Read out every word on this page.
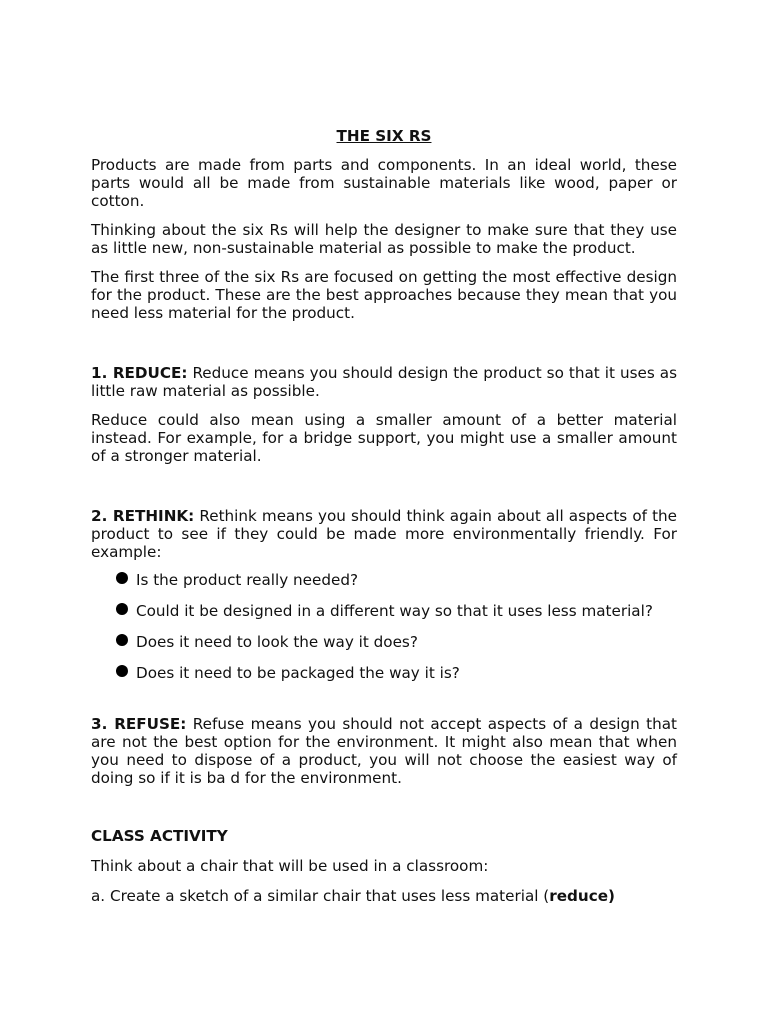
THE SIX RS

Products are made from parts and components. In an ideal world, these parts would all be made from sustainable materials like wood, paper or cotton.

Thinking about the six Rs will help the designer to make sure that they use as little new, non-sustainable material as possible to make the product.

The first three of the six Rs are focused on getting the most effective design for the product. These are the best approaches because they mean that you need less material for the product.

1. REDUCE: Reduce means you should design the product so that it uses as little raw material as possible.

Reduce could also mean using a smaller amount of a better material instead. For example, for a bridge support, you might use a smaller amount of a stronger material.

2. RETHINK: Rethink means you should think again about all aspects of the product to see if they could be made more environmentally friendly. For example:

Is the product really needed?
Could it be designed in a different way so that it uses less material?
Does it need to look the way it does?
Does it need to be packaged the way it is?

3. REFUSE: Refuse means you should not accept aspects of a design that are not the best option for the environment. It might also mean that when you need to dispose of a product, you will not choose the easiest way of doing so if it is ba d for the environment.

CLASS ACTIVITY

Think about a chair that will be used in a classroom:

a. Create a sketch of a similar chair that uses less material (reduce)
